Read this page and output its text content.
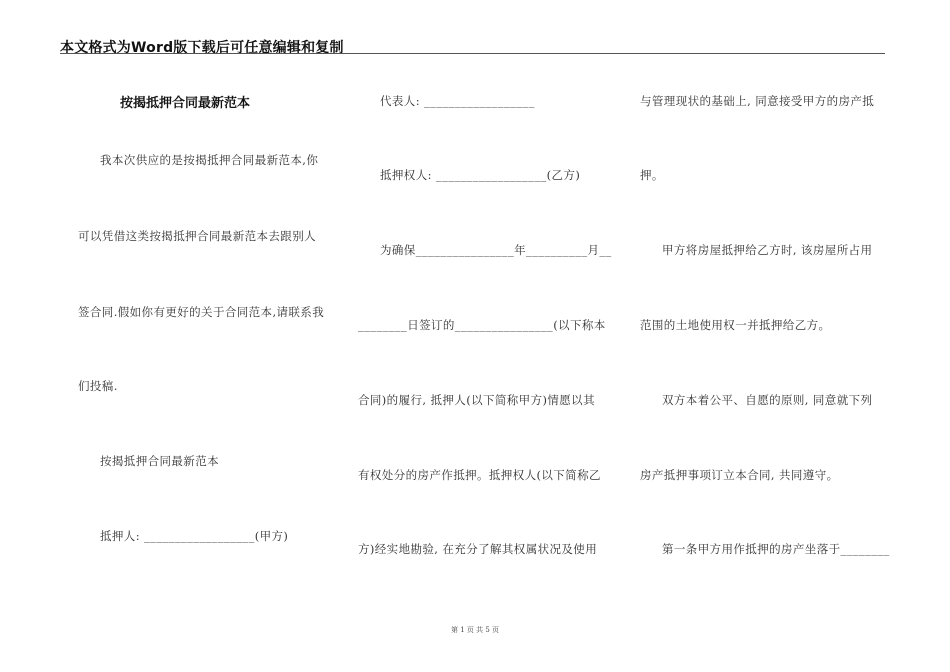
本文格式为Word版下载后可任意编辑和复制
按揭抵押合同最新范本
我本次供应的是按揭抵押合同最新范本,你
可以凭借这类按揭抵押合同最新范本去跟别人
签合同.假如你有更好的关于合同范本,请联系我
们投稿.
按揭抵押合同最新范本
抵押人: __________________(甲方)
代表人: __________________
抵押权人: __________________(乙方)
为确保________________年__________月__
________日签订的________________(以下称本
合同)的履行, 抵押人(以下简称甲方)情愿以其
有权处分的房产作抵押。抵押权人(以下简称乙
方)经实地勘验, 在充分了解其权属状况及使用
与管理现状的基础上, 同意接受甲方的房产抵
押。
甲方将房屋抵押给乙方时, 该房屋所占用
范围的土地使用权一并抵押给乙方。
双方本着公平、自愿的原则, 同意就下列
房产抵押事项订立本合同, 共同遵守。
第一条甲方用作抵押的房产坐落于________
第 1 页 共 5 页
